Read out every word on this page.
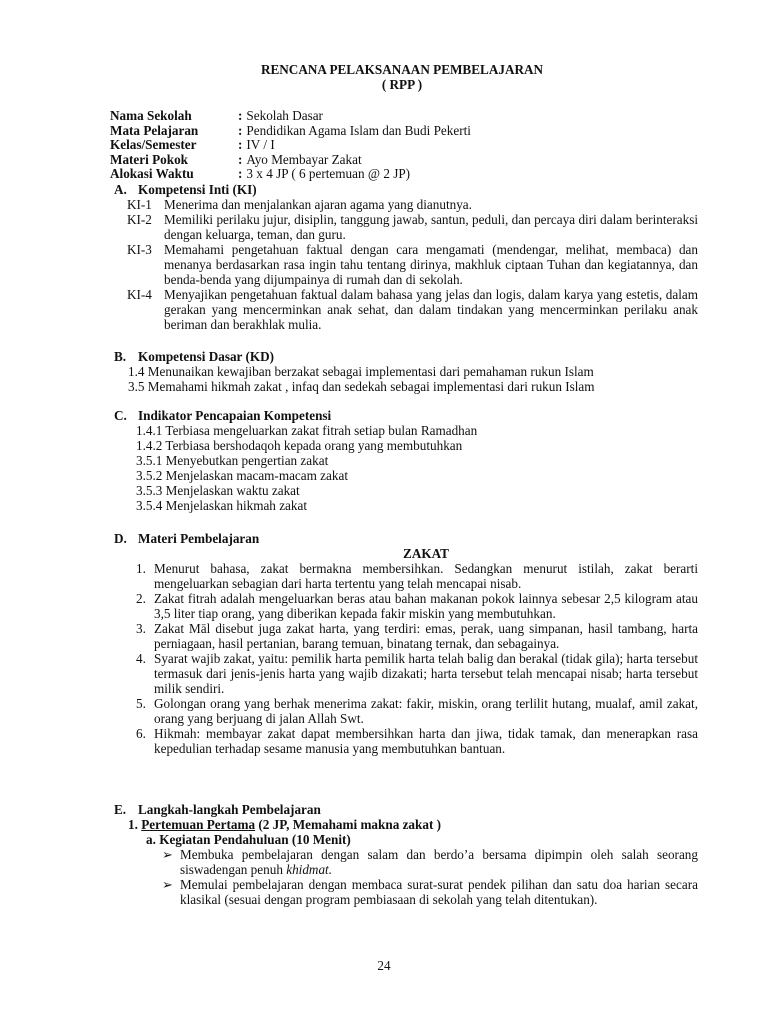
RENCANA PELAKSANAAN PEMBELAJARAN
( RPP )
Nama Sekolah	: Sekolah Dasar
Mata Pelajaran	: Pendidikan Agama Islam dan Budi Pekerti
Kelas/Semester	: IV / I
Materi Pokok	: Ayo Membayar Zakat
Alokasi Waktu	: 3 x 4 JP ( 6 pertemuan @ 2 JP)
A. Kompetensi Inti (KI)
KI-1 Menerima dan menjalankan ajaran agama yang dianutnya.
KI-2 Memiliki perilaku jujur, disiplin, tanggung jawab, santun, peduli, dan percaya diri dalam berinteraksi dengan keluarga, teman, dan guru.
KI-3 Memahami pengetahuan faktual dengan cara mengamati (mendengar, melihat, membaca) dan menanya berdasarkan rasa ingin tahu tentang dirinya, makhluk ciptaan Tuhan dan kegiatannya, dan benda-benda yang dijumpainya di rumah dan di sekolah.
KI-4 Menyajikan pengetahuan faktual dalam bahasa yang jelas dan logis, dalam karya yang estetis, dalam gerakan yang mencerminkan anak sehat, dan dalam tindakan yang mencerminkan perilaku anak beriman dan berakhlak mulia.
B. Kompetensi Dasar (KD)
1.4 Menunaikan kewajiban berzakat sebagai implementasi dari pemahaman rukun Islam
3.5 Memahami hikmah zakat , infaq dan sedekah sebagai implementasi dari rukun Islam
C. Indikator Pencapaian Kompetensi
1.4.1 Terbiasa mengeluarkan zakat fitrah setiap bulan Ramadhan
1.4.2 Terbiasa bershodaqoh kepada orang yang membutuhkan
3.5.1 Menyebutkan pengertian zakat
3.5.2 Menjelaskan macam-macam zakat
3.5.3 Menjelaskan waktu zakat
3.5.4 Menjelaskan hikmah zakat
D. Materi Pembelajaran
ZAKAT
1. Menurut bahasa, zakat bermakna membersihkan. Sedangkan menurut istilah, zakat berarti mengeluarkan sebagian dari harta tertentu yang telah mencapai nisab.
2. Zakat fitrah adalah mengeluarkan beras atau bahan makanan pokok lainnya sebesar 2,5 kilogram atau 3,5 liter tiap orang, yang diberikan kepada fakir miskin yang membutuhkan.
3. Zakat Māl disebut juga zakat harta, yang terdiri: emas, perak, uang simpanan, hasil tambang, harta perniagaan, hasil pertanian, barang temuan, binatang ternak, dan sebagainya.
4. Syarat wajib zakat, yaitu: pemilik harta pemilik harta telah balig dan berakal (tidak gila); harta tersebut termasuk dari jenis-jenis harta yang wajib dizakati; harta tersebut telah mencapai nisab; harta tersebut milik sendiri.
5. Golongan orang yang berhak menerima zakat: fakir, miskin, orang terlilit hutang, mualaf, amil zakat, orang yang berjuang di jalan Allah Swt.
6. Hikmah: membayar zakat dapat membersihkan harta dan jiwa, tidak tamak, dan menerapkan rasa kepedulian terhadap sesame manusia yang membutuhkan bantuan.
E. Langkah-langkah Pembelajaran
1. Pertemuan Pertama (2 JP, Memahami makna zakat )
a. Kegiatan Pendahuluan (10 Menit)
➢ Membuka pembelajaran dengan salam dan berdo’a bersama dipimpin oleh salah seorang siswadengan penuh khidmat.
➢ Memulai pembelajaran dengan membaca surat-surat pendek pilihan dan satu doa harian secara klasikal (sesuai dengan program pembiasaan di sekolah yang telah ditentukan).
24
